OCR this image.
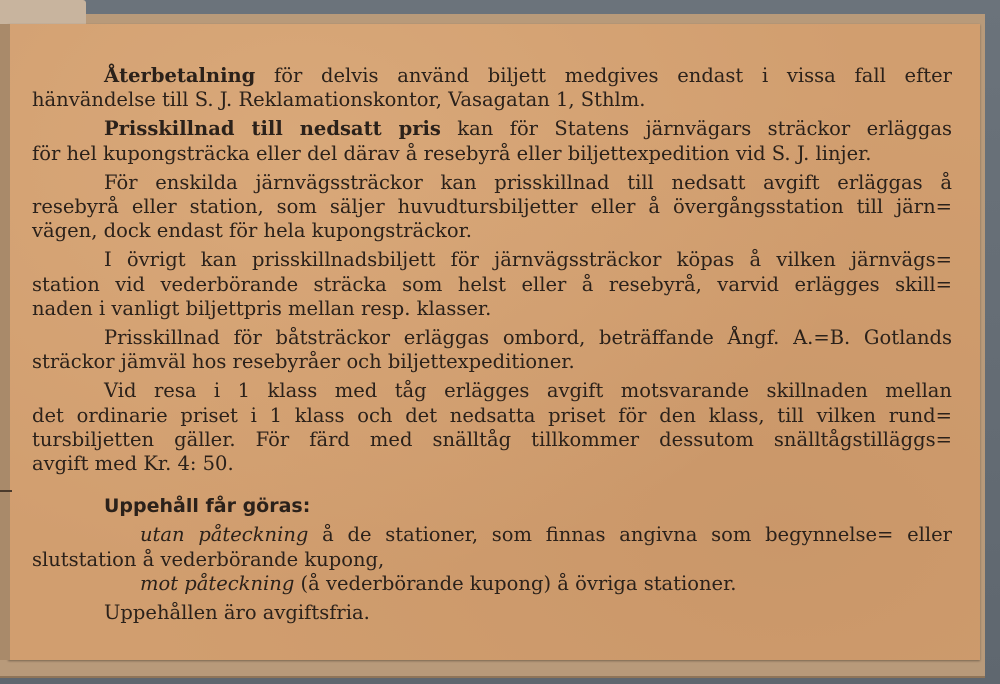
Återbetalning för delvis använd biljett medgives endast i vissa fall efter
hänvändelse till S. J. Reklamationskontor, Vasagatan 1, Sthlm.

Prisskillnad till nedsatt pris kan för Statens järnvägars sträckor erläggas
för hel kupongsträcka eller del därav å resebyrå eller biljettexpedition vid S. J. linjer.

För enskilda järnvägssträckor kan prisskillnad till nedsatt avgift erläggas å
resebyrå eller station, som säljer huvudtursbiljetter eller å övergångsstation till järn=
vägen, dock endast för hela kupongsträckor.

I övrigt kan prisskillnadsbiljett för järnvägssträckor köpas å vilken järnvägs=
station vid vederbörande sträcka som helst eller å resebyrå, varvid erlägges skill=
naden i vanligt biljettpris mellan resp. klasser.

Prisskillnad för båtsträckor erläggas ombord, beträffande Ångf. A.=B. Gotlands
sträckor jämväl hos resebyråer och biljettexpeditioner.

Vid resa i 1 klass med tåg erlägges avgift motsvarande skillnaden mellan
det ordinarie priset i 1 klass och det nedsatta priset för den klass, till vilken rund=
tursbiljetten gäller. För färd med snälltåg tillkommer dessutom snälltågstilläggs=
avgift med Kr. 4: 50.

Uppehåll får göras:

utan påteckning å de stationer, som finnas angivna som begynnelse= eller
slutstation å vederbörande kupong,
mot påteckning (å vederbörande kupong) å övriga stationer.
Uppehållen äro avgiftsfria.
